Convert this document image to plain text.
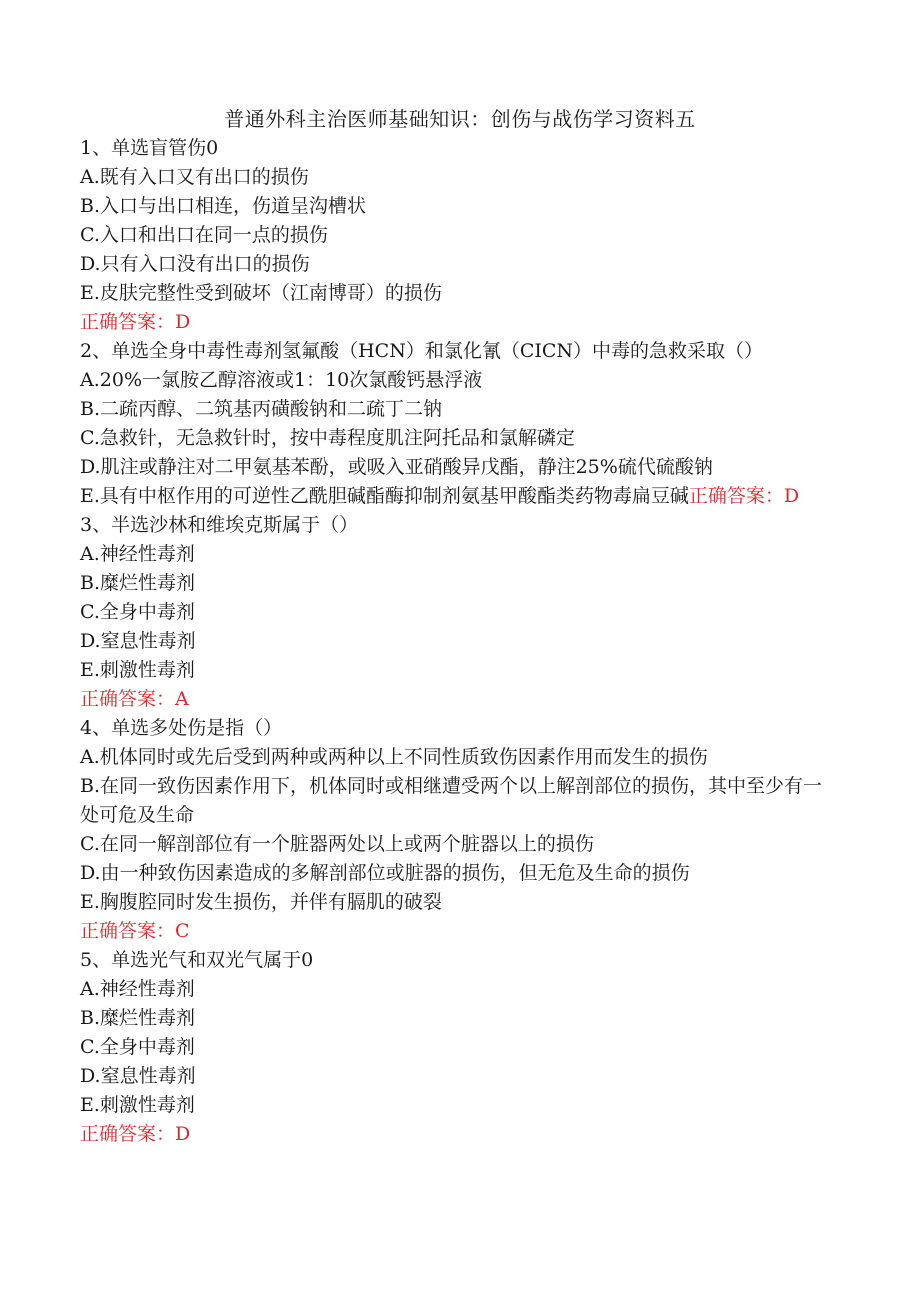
普通外科主治医师基础知识：创伤与战伤学习资料五

1、单选盲管伤0

A.既有入口又有出口的损伤

B.入口与出口相连，伤道呈沟槽状

C.入口和出口在同一点的损伤

D.只有入口没有出口的损伤

E.皮肤完整性受到破坏（江南博哥）的损伤

正确答案：D

2、单选全身中毒性毒剂氢氟酸（HCN）和氯化氰（CICN）中毒的急救采取（）

A.20%一氯胺乙醇溶液或1：10次氯酸钙悬浮液

B.二疏丙醇、二筑基丙磺酸钠和二疏丁二钠

C.急救针，无急救针时，按中毒程度肌注阿托品和氯解磷定

D.肌注或静注对二甲氨基苯酚，或吸入亚硝酸异戊酯，静注25%硫代硫酸钠

E.具有中枢作用的可逆性乙酰胆碱酯酶抑制剂氨基甲酸酯类药物毒扁豆碱正确答案：D

3、半选沙林和维埃克斯属于（）

A.神经性毒剂

B.糜烂性毒剂

C.全身中毒剂

D.窒息性毒剂

E.刺激性毒剂

正确答案：A

4、单选多处伤是指（）

A.机体同时或先后受到两种或两种以上不同性质致伤因素作用而发生的损伤

B.在同一致伤因素作用下，机体同时或相继遭受两个以上解剖部位的损伤，其中至少有一处可危及生命

C.在同一解剖部位有一个脏器两处以上或两个脏器以上的损伤

D.由一种致伤因素造成的多解剖部位或脏器的损伤，但无危及生命的损伤

E.胸腹腔同时发生损伤，并伴有膈肌的破裂

正确答案：C

5、单选光气和双光气属于0

A.神经性毒剂

B.糜烂性毒剂

C.全身中毒剂

D.窒息性毒剂

E.刺激性毒剂

正确答案：D
